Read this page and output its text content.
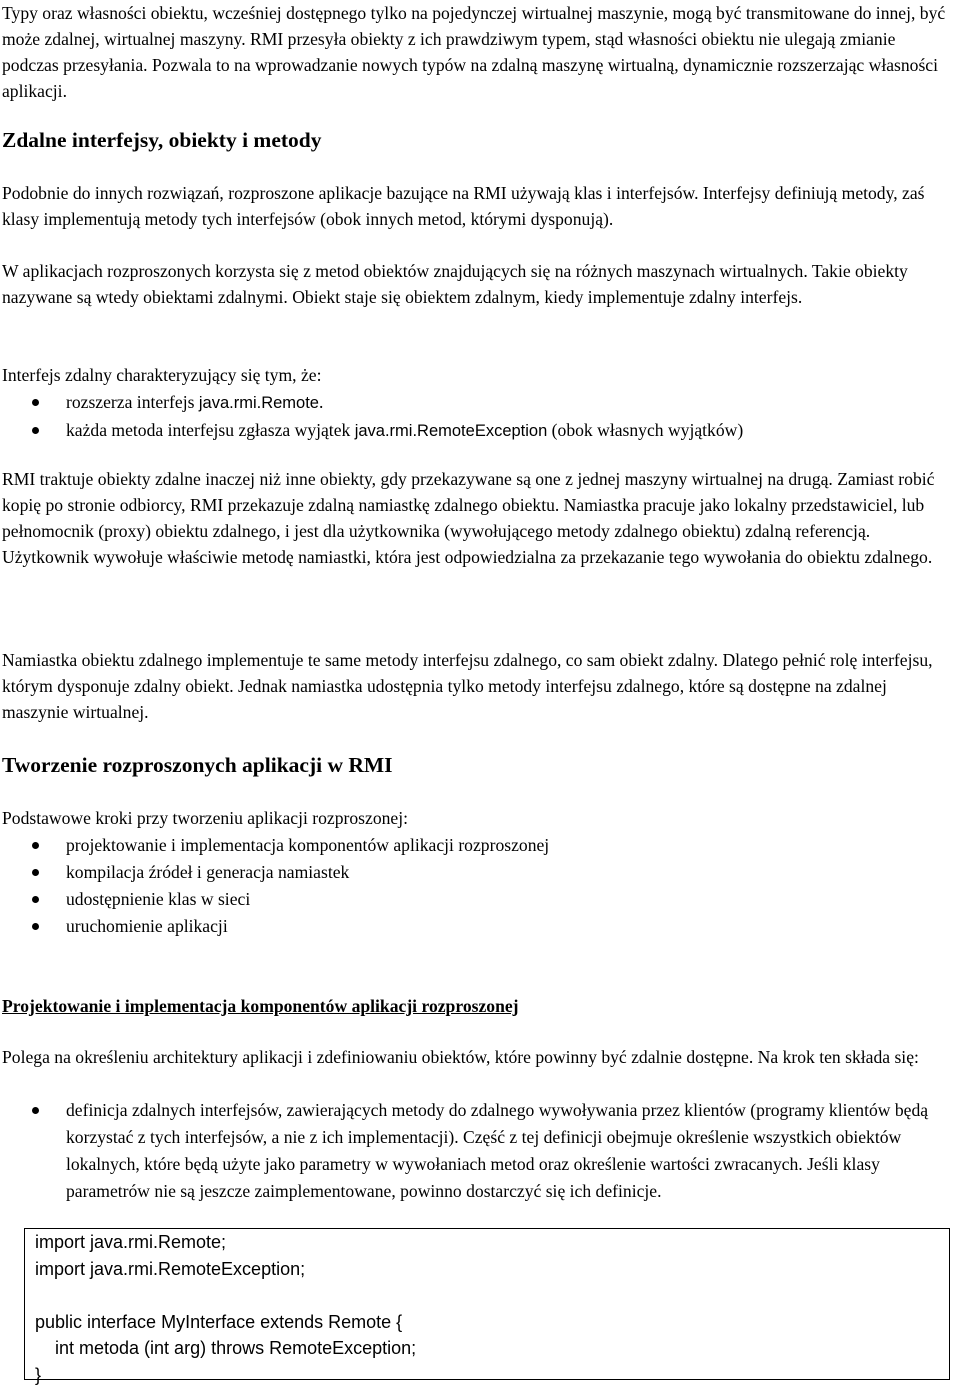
Typy oraz własności obiektu, wcześniej dostępnego tylko na pojedynczej wirtualnej maszynie, mogą być transmitowane do innej, być może zdalnej, wirtualnej maszyny. RMI przesyła obiekty z ich prawdziwym typem, stąd własności obiektu nie ulegają zmianie podczas przesyłania. Pozwala to na wprowadzanie nowych typów na zdalną maszynę wirtualną, dynamicznie rozszerzając własności aplikacji.

Zdalne interfejsy, obiekty i metody

Podobnie do innych rozwiązań, rozproszone aplikacje bazujące na RMI używają klas i interfejsów. Interfejsy definiują metody, zaś klasy implementują metody tych interfejsów (obok innych metod, którymi dysponują).

W aplikacjach rozproszonych korzysta się z metod obiektów znajdujących się na różnych maszynach wirtualnych. Takie obiekty nazywane są wtedy obiektami zdalnymi. Obiekt staje się obiektem zdalnym, kiedy implementuje zdalny interfejs.

Interfejs zdalny charakteryzujący się tym, że:

rozszerza interfejs java.rmi.Remote.
każda metoda interfejsu zgłasza wyjątek java.rmi.RemoteException (obok własnych wyjątków)

RMI traktuje obiekty zdalne inaczej niż inne obiekty, gdy przekazywane są one z jednej maszyny wirtualnej na drugą. Zamiast robić kopię po stronie odbiorcy, RMI przekazuje zdalną namiastkę zdalnego obiektu. Namiastka pracuje jako lokalny przedstawiciel, lub pełnomocnik (proxy) obiektu zdalnego, i jest dla użytkownika (wywołującego metody zdalnego obiektu) zdalną referencją. Użytkownik wywołuje właściwie metodę namiastki, która jest odpowiedzialna za przekazanie tego wywołania do obiektu zdalnego.

Namiastka obiektu zdalnego implementuje te same metody interfejsu zdalnego, co sam obiekt zdalny. Dlatego pełnić rolę interfejsu, którym dysponuje zdalny obiekt. Jednak namiastka udostępnia tylko metody interfejsu zdalnego, które są dostępne na zdalnej maszynie wirtualnej.

Tworzenie rozproszonych aplikacji w RMI

Podstawowe kroki przy tworzeniu aplikacji rozproszonej:

projektowanie i implementacja komponentów aplikacji rozproszonej
kompilacja źródeł i generacja namiastek
udostępnienie klas w sieci
uruchomienie aplikacji
Projektowanie i implementacja komponentów aplikacji rozproszonej

Polega na określeniu architektury aplikacji i zdefiniowaniu obiektów, które powinny być zdalnie dostępne. Na krok ten składa się:

definicja zdalnych interfejsów, zawierających metody do zdalnego wywoływania przez klientów (programy klientów będą korzystać z tych interfejsów, a nie z ich implementacji). Część z tej definicji obejmuje określenie wszystkich obiektów lokalnych, które będą użyte jako parametry w wywołaniach metod oraz określenie wartości zwracanych. Jeśli klasy parametrów nie są jeszcze zaimplementowane, powinno dostarczyć się ich definicje.
import java.rmi.Remote;
import java.rmi.RemoteException;
public interface MyInterface extends Remote {
int metoda (int arg) throws RemoteException;
}
